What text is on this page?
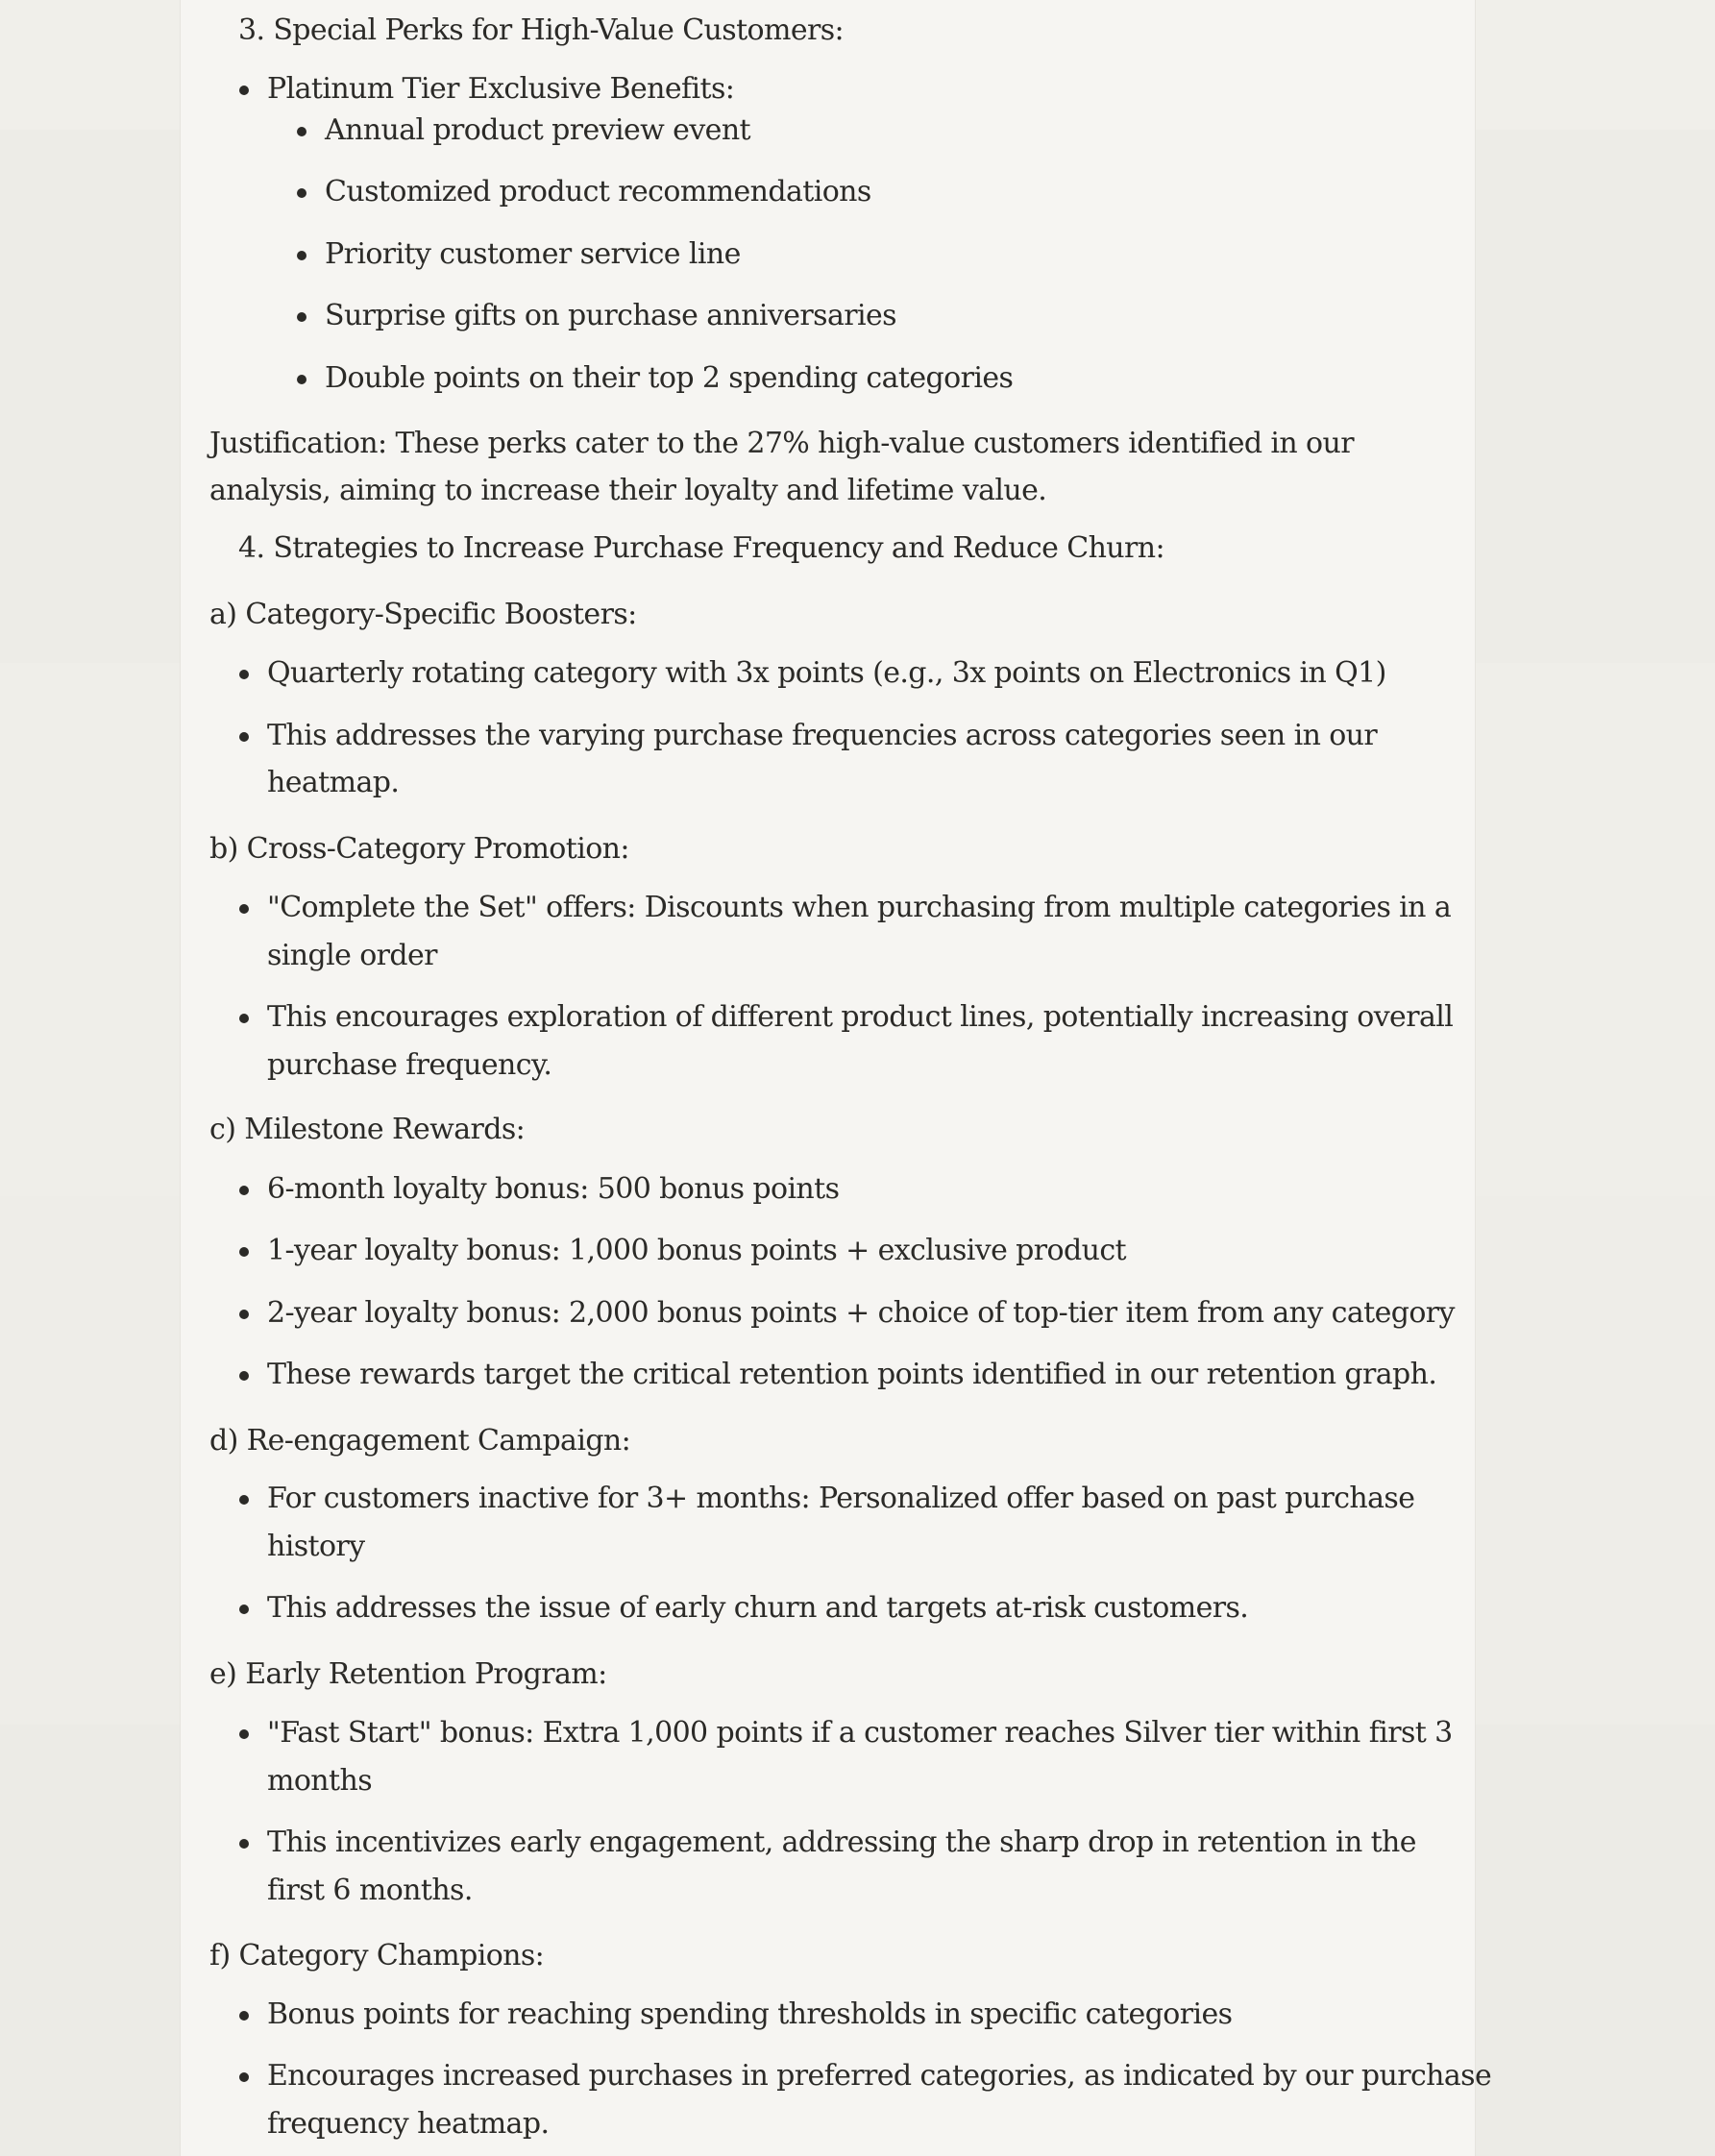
3. Special Perks for High-Value Customers:
Platinum Tier Exclusive Benefits:
Annual product preview event
Customized product recommendations
Priority customer service line
Surprise gifts on purchase anniversaries
Double points on their top 2 spending categories
Justification: These perks cater to the 27% high-value customers identified in our
analysis, aiming to increase their loyalty and lifetime value.
4. Strategies to Increase Purchase Frequency and Reduce Churn:
a) Category-Specific Boosters:
Quarterly rotating category with 3x points (e.g., 3x points on Electronics in Q1)
This addresses the varying purchase frequencies across categories seen in our
heatmap.
b) Cross-Category Promotion:
"Complete the Set" offers: Discounts when purchasing from multiple categories in a
single order
This encourages exploration of different product lines, potentially increasing overall
purchase frequency.
c) Milestone Rewards:
6-month loyalty bonus: 500 bonus points
1-year loyalty bonus: 1,000 bonus points + exclusive product
2-year loyalty bonus: 2,000 bonus points + choice of top-tier item from any category
These rewards target the critical retention points identified in our retention graph.
d) Re-engagement Campaign:
For customers inactive for 3+ months: Personalized offer based on past purchase
history
This addresses the issue of early churn and targets at-risk customers.
e) Early Retention Program:
"Fast Start" bonus: Extra 1,000 points if a customer reaches Silver tier within first 3
months
This incentivizes early engagement, addressing the sharp drop in retention in the
first 6 months.
f) Category Champions:
Bonus points for reaching spending thresholds in specific categories
Encourages increased purchases in preferred categories, as indicated by our purchase
frequency heatmap.
